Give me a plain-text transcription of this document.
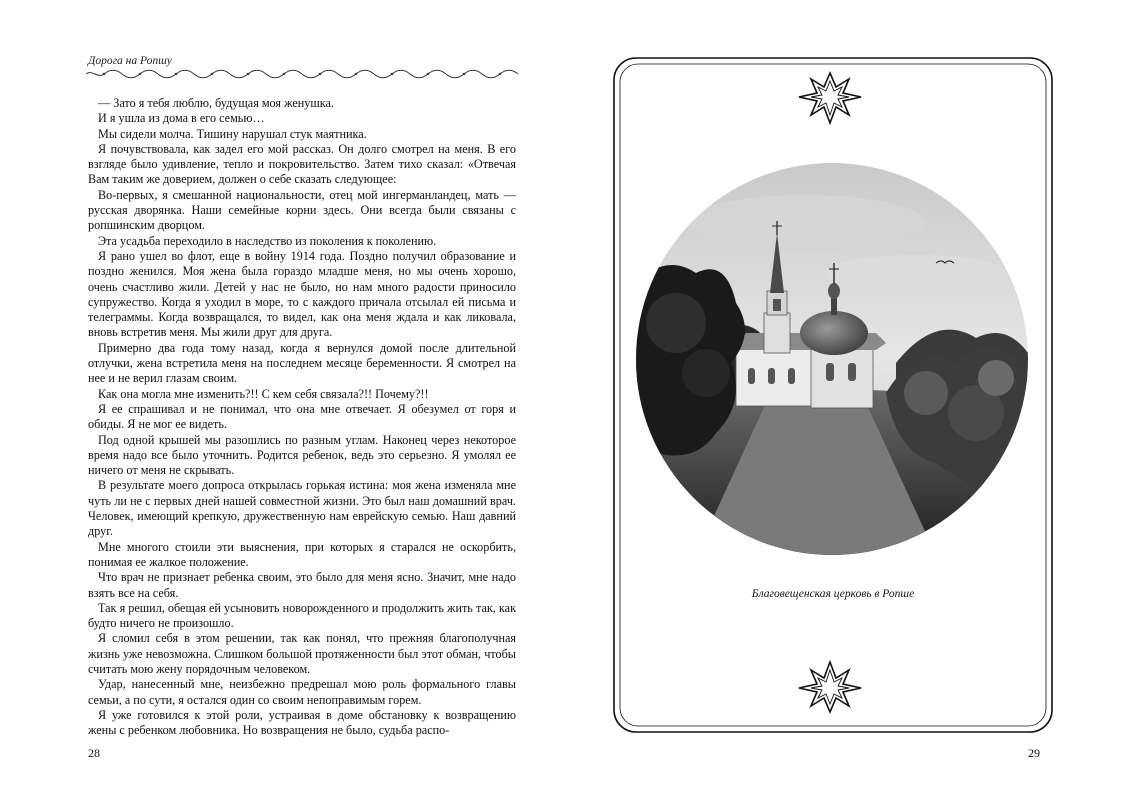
Дорога на Ропшу

— Зато я тебя люблю, будущая моя женушка.

И я ушла из дома в его семью…

Мы сидели молча. Тишину нарушал стук маятника.

Я почувствовала, как задел его мой рассказ. Он долго смотрел на меня. В его взгляде было удивление, тепло и покровительство. Затем тихо сказал: «Отвечая Вам таким же доверием, должен о себе сказать следующее:

Во-первых, я смешанной национальности, отец мой ингерманландец, мать — русская дворянка. Наши семейные корни здесь. Они всегда были связаны с ропшинским дворцом.

Эта усадьба переходило в наследство из поколения к поколению.

Я рано ушел во флот, еще в войну 1914 года. Поздно получил образование и поздно женился. Моя жена была гораздо младше меня, но мы очень хорошо, очень счастливо жили. Детей у нас не было, но нам много радости приносило супружество. Когда я уходил в море, то с каждого причала отсылал ей письма и телеграммы. Когда возвращался, то видел, как она меня ждала и как ликовала, вновь встретив меня. Мы жили друг для друга.

Примерно два года тому назад, когда я вернулся домой после длительной отлучки, жена встретила меня на последнем месяце беременности. Я смотрел на нее и не верил глазам своим.

Как она могла мне изменить?!! С кем себя связала?!! Почему?!!

Я ее спрашивал и не понимал, что она мне отвечает. Я обезумел от горя и обиды. Я не мог ее видеть.

Под одной крышей мы разошлись по разным углам. Наконец через некоторое время надо все было уточнить. Родится ребенок, ведь это серьезно. Я умолял ее ничего от меня не скрывать.

В результате моего допроса открылась горькая истина: моя жена изменяла мне чуть ли не с первых дней нашей совместной жизни. Это был наш домашний врач. Человек, имеющий крепкую, дружественную нам еврейскую семью. Наш давний друг.

Мне многого стоили эти выяснения, при которых я старался не оскорбить, понимая ее жалкое положение.

Что врач не признает ребенка своим, это было для меня ясно. Значит, мне надо взять все на себя.

Так я решил, обещая ей усыновить новорожденного и продолжить жить так, как будто ничего не произошло.

Я сломил себя в этом решении, так как понял, что прежняя благополучная жизнь уже невозможна. Слишком большой протяженности был этот обман, чтобы считать мою жену порядочным человеком.

Удар, нанесенный мне, неизбежно предрешал мою роль формального главы семьи, а по сути, я остался один со своим непоправимым горем.

Я уже готовился к этой роли, устраивая в доме обстановку к возвращению жены с ребенком любовника. Но возвращения не было, судьба распо-

28
Благовещенская церковь в Ропше
29
